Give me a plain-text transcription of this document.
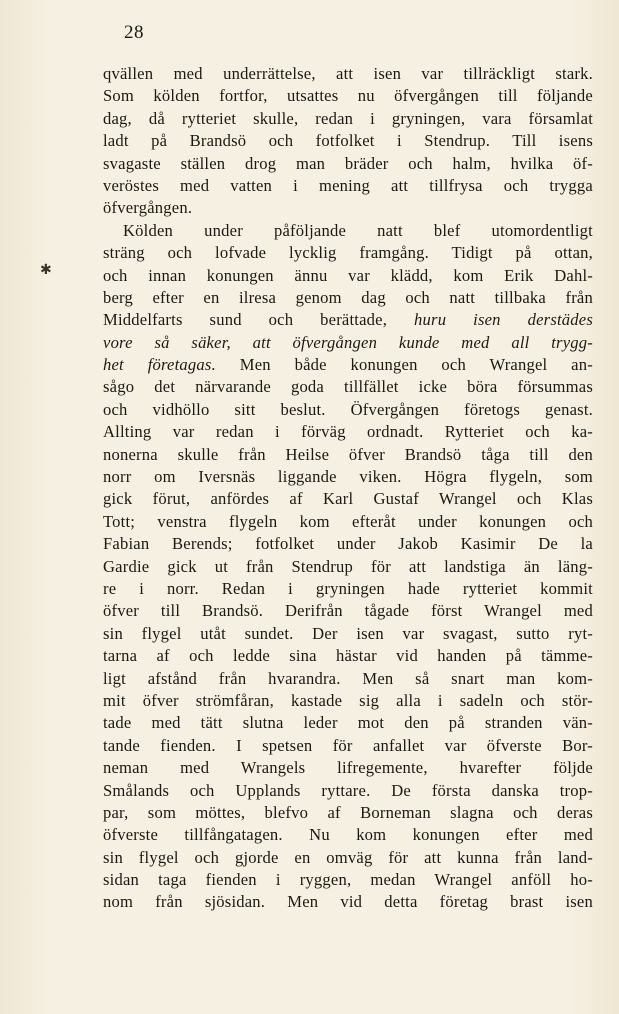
28
✱
qvällen med underrättelse, att isen var tillräckligt stark.
Som kölden fortfor, utsattes nu öfvergången till följande
dag, då rytteriet skulle, redan i gryningen, vara församlat
ladt på Brandsö och fotfolket i Stendrup. Till isens
svagaste ställen drog man bräder och halm, hvilka öf-
veröstes med vatten i mening att tillfrysa och trygga
öfvergången.
Kölden under påföljande natt blef utomordentligt
sträng och lofvade lycklig framgång. Tidigt på ottan,
och innan konungen ännu var klädd, kom Erik Dahl-
berg efter en ilresa genom dag och natt tillbaka från
Middelfarts sund och berättade, huru isen derstädes
vore så säker, att öfvergången kunde med all trygg-
het företagas. Men både konungen och Wrangel an-
sågo det närvarande goda tillfället icke böra försummas
och vidhöllo sitt beslut. Öfvergången företogs genast.
Allting var redan i förväg ordnadt. Rytteriet och ka-
nonerna skulle från Heilse öfver Brandsö tåga till den
norr om Iversnäs liggande viken. Högra flygeln, som
gick förut, anfördes af Karl Gustaf Wrangel och Klas
Tott; venstra flygeln kom efteråt under konungen och
Fabian Berends; fotfolket under Jakob Kasimir De la
Gardie gick ut från Stendrup för att landstiga än läng-
re i norr. Redan i gryningen hade rytteriet kommit
öfver till Brandsö. Derifrån tågade först Wrangel med
sin flygel utåt sundet. Der isen var svagast, sutto ryt-
tarna af och ledde sina hästar vid handen på tämme-
ligt afstånd från hvarandra. Men så snart man kom-
mit öfver strömfåran, kastade sig alla i sadeln och stör-
tade med tätt slutna leder mot den på stranden vän-
tande fienden. I spetsen för anfallet var öfverste Bor-
neman med Wrangels lifregemente, hvarefter följde
Smålands och Upplands ryttare. De första danska trop-
par, som möttes, blefvo af Borneman slagna och deras
öfverste tillfångatagen. Nu kom konungen efter med
sin flygel och gjorde en omväg för att kunna från land-
sidan taga fienden i ryggen, medan Wrangel anföll ho-
nom från sjösidan. Men vid detta företag brast isen
